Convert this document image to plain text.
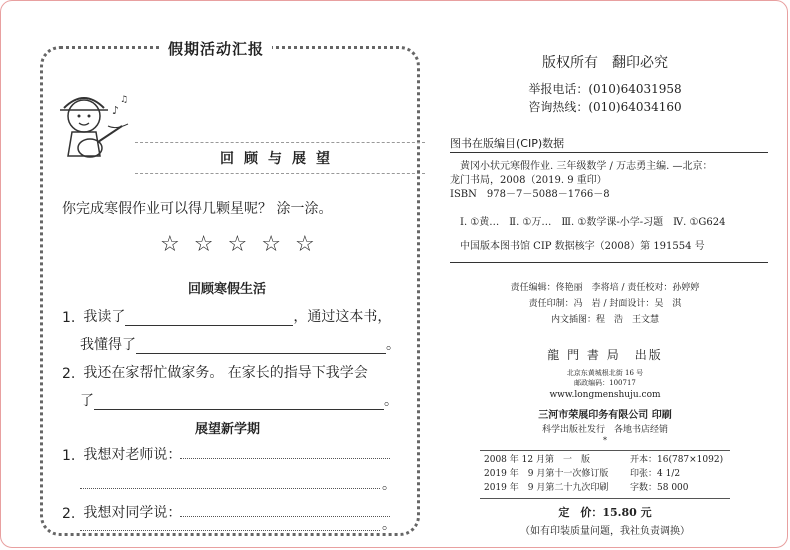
假期活动汇报
♪
♫
回顾与展望
你完成寒假作业可以得几颗星呢？ 涂一涂。
☆ ☆ ☆ ☆ ☆
回顾寒假生活
1. 我读了	，通过这本书，
我懂得了	。
2. 我还在家帮忙做家务。 在家长的指导下我学会
了	。
展望新学期
1. 我想对老师说：
。
2. 我想对同学说：
。
版权所有　翻印必究
举报电话：(010)64031958
咨询热线：(010)64034160
图书在版编目(CIP)数据
黄冈小状元寒假作业. 三年级数学 / 万志勇主编. —北京：
龙门书局，2008（2019. 9 重印）
ISBN　978－7－5088－1766－8
Ⅰ. ①黄…　Ⅱ. ①万…　Ⅲ. ①数学课-小学-习题　Ⅳ. ①G624
中国版本图书馆 CIP 数据核字（2008）第 191554 号
责任编辑：佟艳丽　李将培 / 责任校对：孙婷婷
责任印制：冯　岩 / 封面设计：吴　淇
内文插图：程　浩　王文慧
龍 門 書 局　出版
北京东黄城根北街 16 号
邮政编码：100717
www.longmenshuju.com
三河市荣展印务有限公司 印刷
科学出版社发行　各地书店经销
*
2008 年 12 月第　一　版	开本：16(787×1092)
2019 年　9 月第十一次修订版 印张：4 1/2
2019 年　9 月第二十九次印刷 字数：58 000
定　价：15.80 元
（如有印装质量问题，我社负责调换）
